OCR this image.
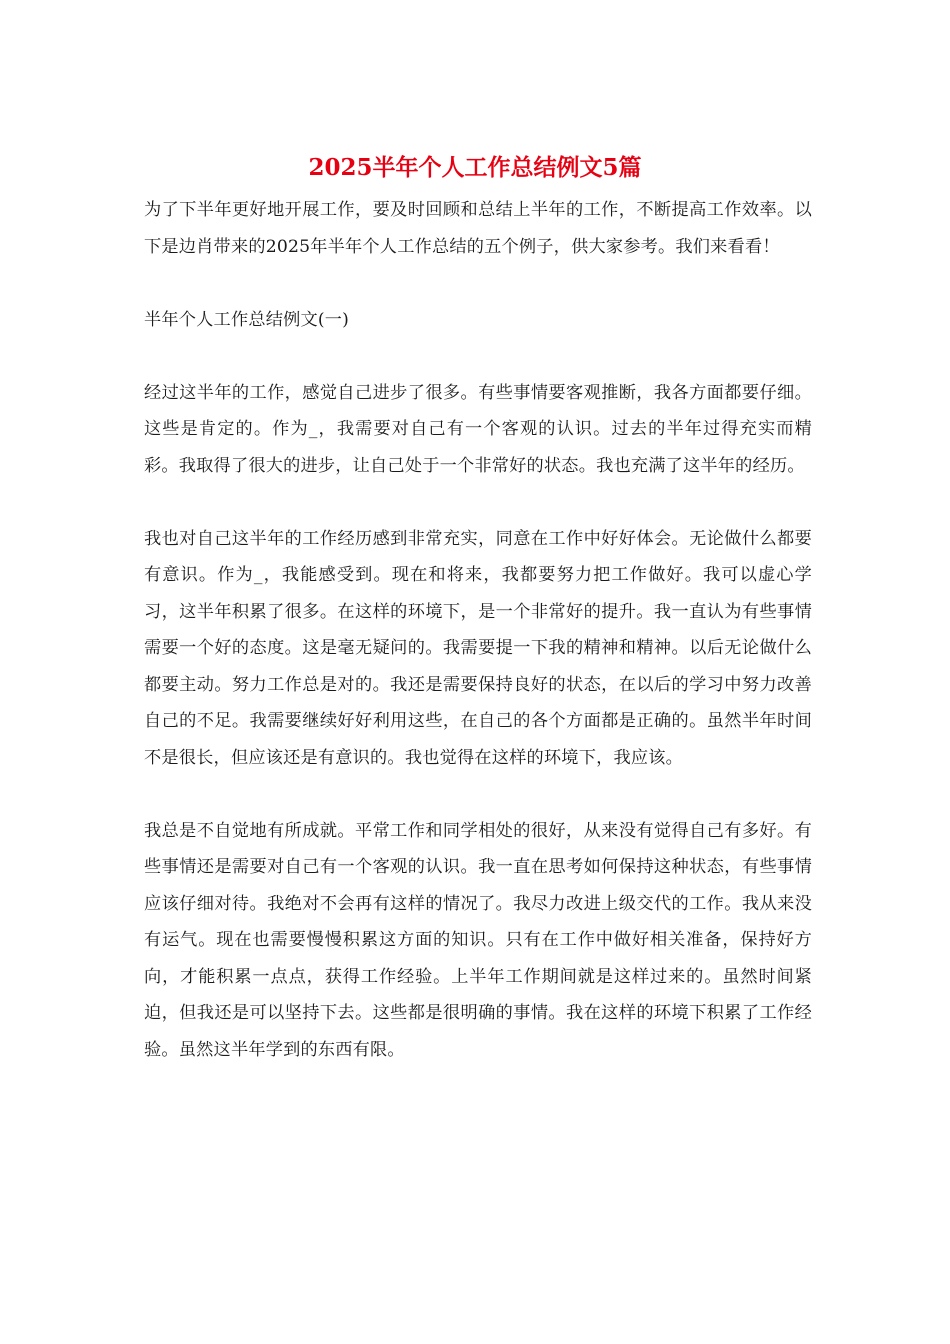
2025半年个人工作总结例文5篇

为了下半年更好地开展工作，要及时回顾和总结上半年的工作，不断提高工作效率。以下是边肖带来的2025年半年个人工作总结的五个例子，供大家参考。我们来看看！

半年个人工作总结例文(一)

经过这半年的工作，感觉自己进步了很多。有些事情要客观推断，我各方面都要仔细。这些是肯定的。作为_，我需要对自己有一个客观的认识。过去的半年过得充实而精彩。我取得了很大的进步，让自己处于一个非常好的状态。我也充满了这半年的经历。

我也对自己这半年的工作经历感到非常充实，同意在工作中好好体会。无论做什么都要有意识。作为_，我能感受到。现在和将来，我都要努力把工作做好。我可以虚心学习，这半年积累了很多。在这样的环境下，是一个非常好的提升。我一直认为有些事情需要一个好的态度。这是毫无疑问的。我需要提一下我的精神和精神。以后无论做什么都要主动。努力工作总是对的。我还是需要保持良好的状态，在以后的学习中努力改善自己的不足。我需要继续好好利用这些，在自己的各个方面都是正确的。虽然半年时间不是很长，但应该还是有意识的。我也觉得在这样的环境下，我应该。

我总是不自觉地有所成就。平常工作和同学相处的很好，从来没有觉得自己有多好。有些事情还是需要对自己有一个客观的认识。我一直在思考如何保持这种状态，有些事情应该仔细对待。我绝对不会再有这样的情况了。我尽力改进上级交代的工作。我从来没有运气。现在也需要慢慢积累这方面的知识。只有在工作中做好相关准备，保持好方向，才能积累一点点，获得工作经验。上半年工作期间就是这样过来的。虽然时间紧迫，但我还是可以坚持下去。这些都是很明确的事情。我在这样的环境下积累了工作经验。虽然这半年学到的东西有限。
